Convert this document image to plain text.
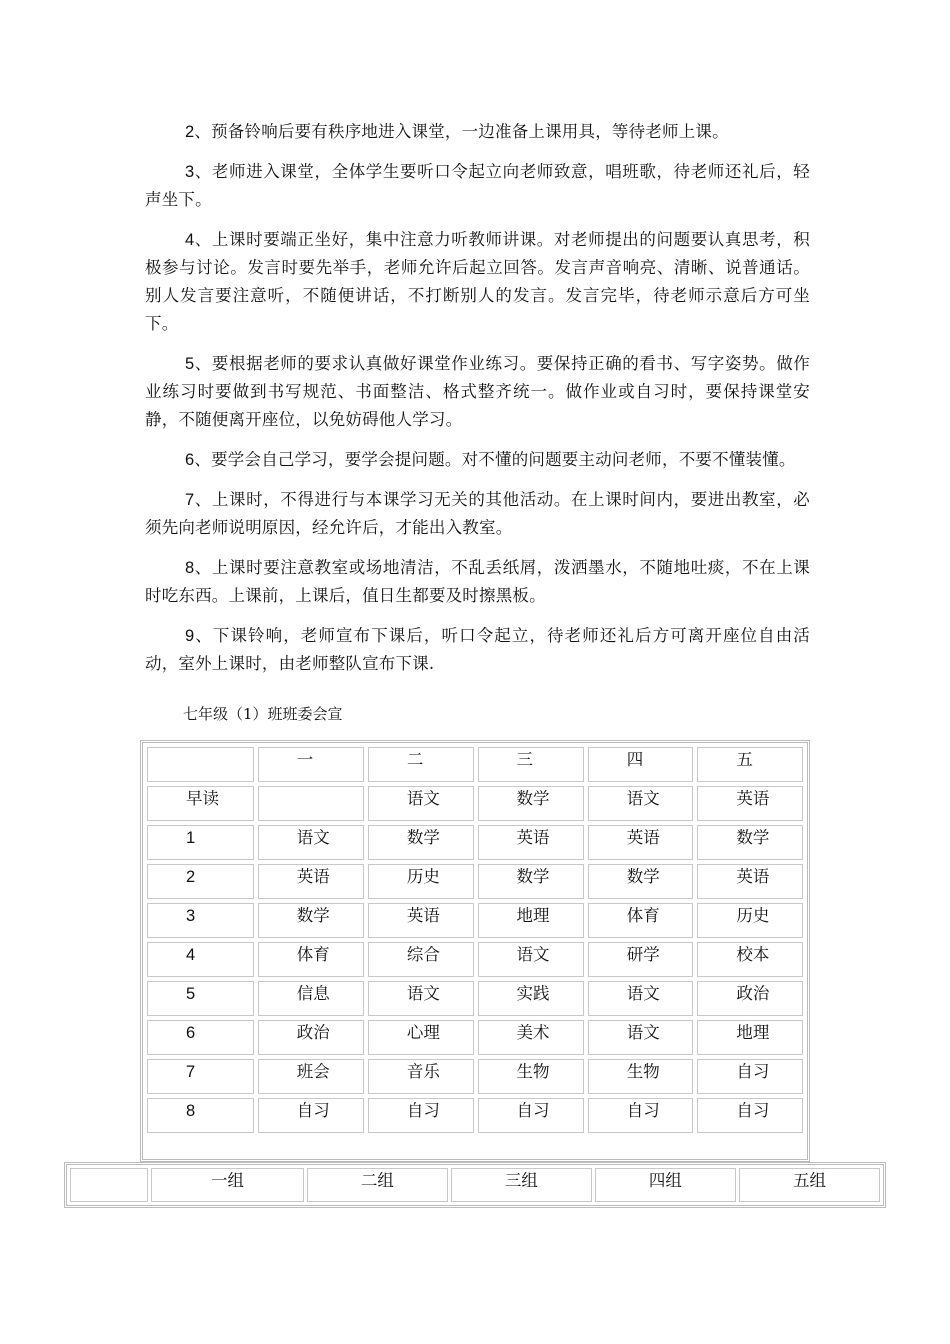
2、预备铃响后要有秩序地进入课堂，一边准备上课用具，等待老师上课。

3、老师进入课堂，全体学生要听口令起立向老师致意，唱班歌，待老师还礼后，轻声坐下。

4、上课时要端正坐好，集中注意力听教师讲课。对老师提出的问题要认真思考，积极参与讨论。发言时要先举手，老师允许后起立回答。发言声音响亮、清晰、说普通话。别人发言要注意听，不随便讲话，不打断别人的发言。发言完毕，待老师示意后方可坐下。

5、要根据老师的要求认真做好课堂作业练习。要保持正确的看书、写字姿势。做作业练习时要做到书写规范、书面整洁、格式整齐统一。做作业或自习时，要保持课堂安静，不随便离开座位，以免妨碍他人学习。

6、要学会自己学习，要学会提问题。对不懂的问题要主动问老师，不要不懂装懂。

7、上课时，不得进行与本课学习无关的其他活动。在上课时间内，要进出教室，必须先向老师说明原因，经允许后，才能出入教室。

8、上课时要注意教室或场地清洁，不乱丢纸屑，泼洒墨水，不随地吐痰，不在上课时吃东西。上课前，上课后，值日生都要及时擦黑板。

9、下课铃响，老师宣布下课后，听口令起立，待老师还礼后方可离开座位自由活动，室外上课时，由老师整队宣布下课.

七年级（1）班班委会宣
	一	二	三	四	五
早读		语文	数学	语文	英语
1	语文	数学	英语	英语	数学
2	英语	历史	数学	数学	英语
3	数学	英语	地理	体育	历史
4	体育	综合	语文	研学	校本
5	信息	语文	实践	语文	政治
6	政治	心理	美术	语文	地理
7	班会	音乐	生物	生物	自习
8	自习	自习	自习	自习	自习
	一组	二组	三组	四组	五组
